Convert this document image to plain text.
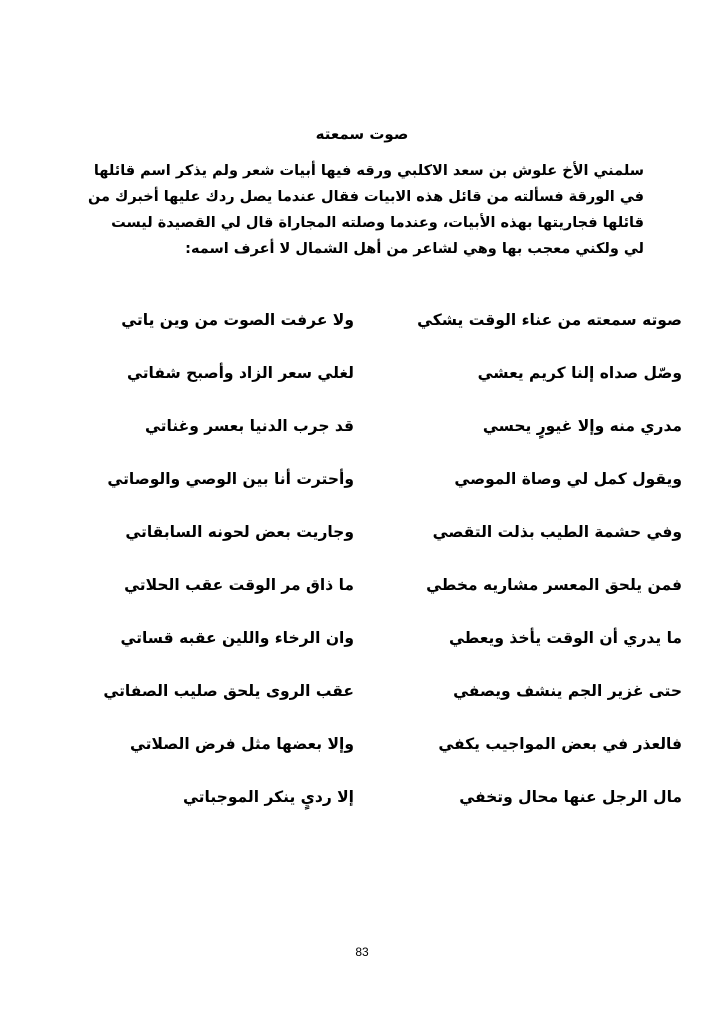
صوت سمعته
سلمني الأخ علوش بن سعد الاكلبي ورقه فيها أبيات شعر ولم يذكر اسم قائلها
في الورقة فسألته من قائل هذه الابيات فقال عندما يصل ردك عليها أخبرك من
قائلها فجاريتها بهذه الأبيات، وعندما وصلته المجاراة قال لي القصيدة ليست
لي ولكني معجب بها وهي لشاعر من أهل الشمال لا أعرف اسمه:
صوته سمعته من عناء الوقت يشكي
ولا عرفت الصوت من وين ياتي
وصّل صداه إلنا كريم يعشي
لغلي سعر الزاد وأصبح شفاتي
مدري منه وإلا غيورٍ يحسي
قد جرب الدنيا بعسر وغناتي
ويقول كمل لي وصاة الموصي
وأحترت أنا بين الوصي والوصاتي
وفي حشمة الطيب بذلت التقصي
وجاريت بعض لحونه السابقاتي
فمن يلحق المعسر مشاريه مخطي
ما ذاق مر الوقت عقب الحلاتي
ما يدري أن الوقت يأخذ ويعطي
وان الرخاء واللين عقبه قساتي
حتى غزير الجم ينشف ويصفي
عقب الروى يلحق صليب الصفاتي
فالعذر في بعض المواجيب يكفي
وإلا بعضها مثل فرض الصلاتي
مال الرجل عنها محال وتخفي
إلا رديٍ ينكر الموجباتي
83
